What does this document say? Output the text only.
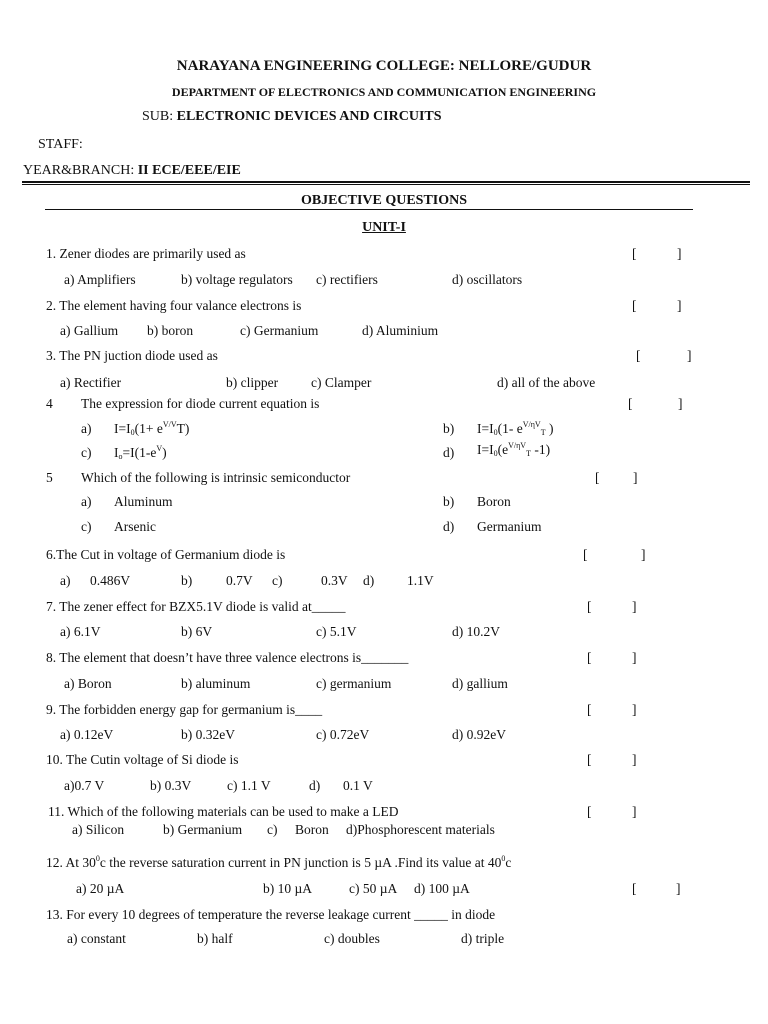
NARAYANA ENGINEERING COLLEGE: NELLORE/GUDUR
DEPARTMENT OF ELECTRONICS AND COMMUNICATION ENGINEERING
SUB: ELECTRONIC DEVICES AND CIRCUITS
STAFF:
YEAR&BRANCH: II ECE/EEE/EIE
OBJECTIVE QUESTIONS
UNIT-I
1. Zener diodes are primarily used as	[	]
a) Amplifiers	b) voltage regulators c) rectifiers	d) oscillators
2. The element having four valance electrons is	[	]
a) Gallium b) boron	c) Germanium	d) Aluminium
3. The PN juction diode used as	[	]
a) Rectifier	b) clipper c) Clamper	d) all of the above
4 The expression for diode current equation is	[	]
a) $I=I_0(1+ e^{V/V}T)$	b) $I=I_0(1-$ $e^{V/\eta V}_T$ )
c) $I_o=I(1-e^V)$	d) $I=I_0(e^{V/\eta V}_T$ -1)
5 Which of the following is intrinsic semiconductor	[ ]
a) Aluminum	b) Boron
c) Arsenic	d) Germanium
6.The Cut in voltage of Germanium diode is	[	]
a) 0.486V	b)	0.7V c)	0.3V d) 1.1V
7. The zener effect for BZX5.1V diode is valid at_____	[	]
a) 6.1V	b) 6V	c) 5.1V	d) 10.2V
8. The element that doesn’t have three valence electrons is_______	[	]
a) Boron	b) aluminum	c) germanium	d) gallium
9. The forbidden energy gap for germanium is____	[	]
a) 0.12eV	b) 0.32eV	c) 0.72eV	d) 0.92eV
10. The Cutin voltage of Si diode is	[	]
a)0.7 V	b) 0.3V	c) 1.1 V	d) 0.1 V
11. Which of the following materials can be used to make a LED	[	]
a) Silicon	b) Germanium c) Boron d)Phosphorescent materials
12. At $30^0c$ the reverse saturation current in PN junction is 5 µA .Find its value at $40^0c$
a) 20 µA	b) 10 µA	c) 50 µA d) 100 µA	[	]
13. For every 10 degrees of temperature the reverse leakage current _____ in diode
a) constant	b) half	c) doubles	d) triple
